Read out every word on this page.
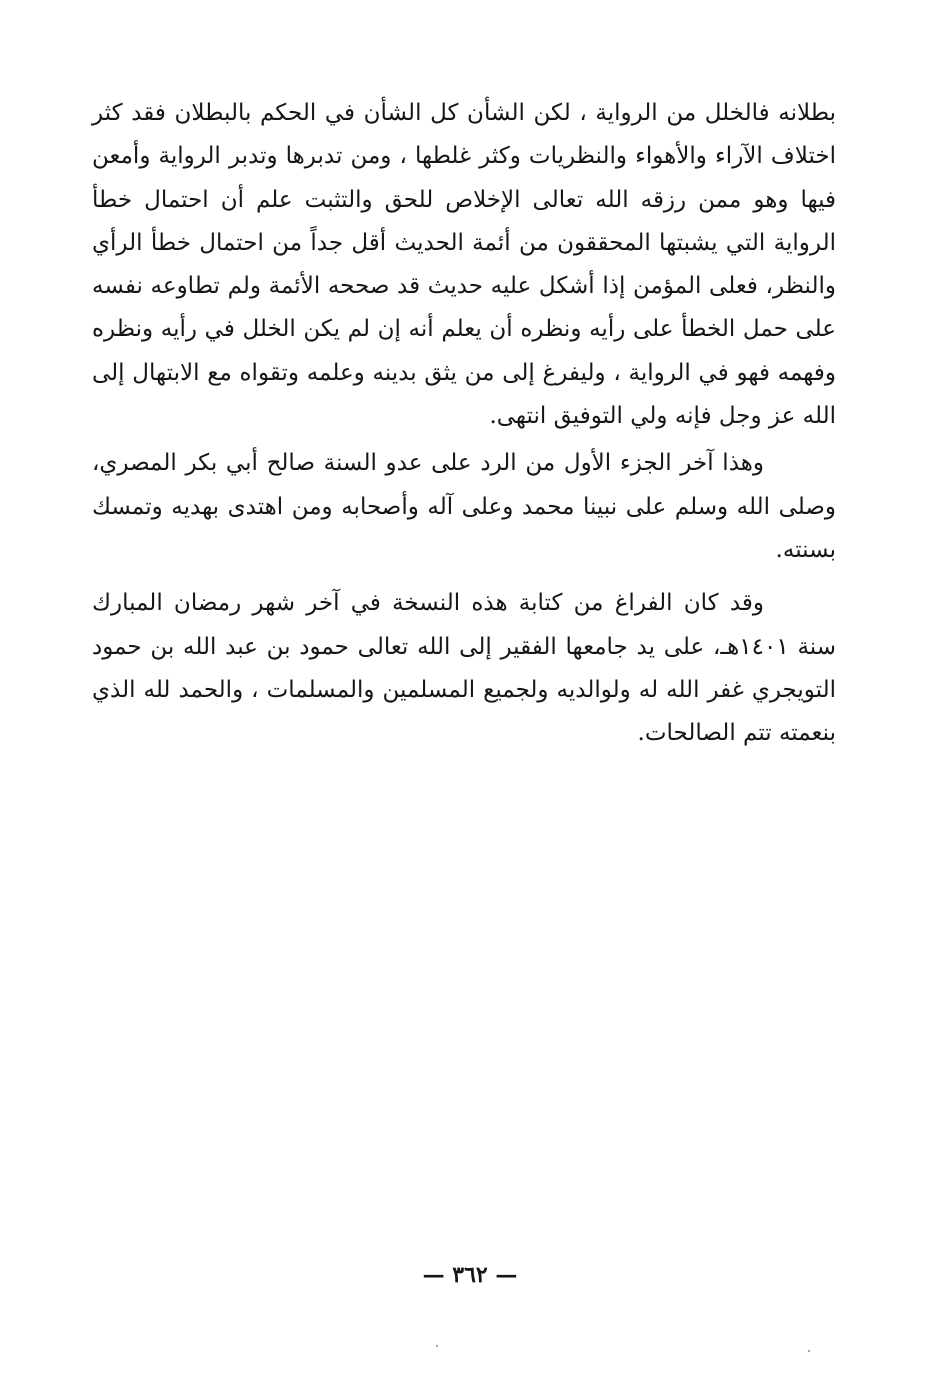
بطلانه فالخلل من الرواية ، لكن الشأن كل الشأن في الحكم بالبطلان فقد كثر اختلاف الآراء والأهواء والنظريات وكثر غلطها ، ومن تدبرها وتدبر الرواية وأمعن فيها وهو ممن رزقه الله تعالى الإخلاص للحق والتثبت علم أن احتمال خطأ الرواية التي يشبتها المحققون من أئمة الحديث أقل جداً من احتمال خطأ الرأي والنظر، فعلى المؤمن إذا أشكل عليه حديث قد صححه الأئمة ولم تطاوعه نفسه على حمل الخطأ على رأيه ونظره أن يعلم أنه إن لم يكن الخلل في رأيه ونظره وفهمه فهو في الرواية ، وليفرغ إلى من يثق بدينه وعلمه وتقواه مع الابتهال إلى الله عز وجل فإنه ولي التوفيق انتهى.

وهذا آخر الجزء الأول من الرد على عدو السنة صالح أبي بكر المصري، وصلى الله وسلم على نبينا محمد وعلى آله وأصحابه ومن اهتدى بهديه وتمسك بسنته.

وقد كان الفراغ من كتابة هذه النسخة في آخر شهر رمضان المبارك سنة ١٤٠١هـ، على يد جامعها الفقير إلى الله تعالى حمود بن عبد الله بن حمود التويجري غفر الله له ولوالديه ولجميع المسلمين والمسلمات ، والحمد لله الذي بنعمته تتم الصالحات.

— ٣٦٢ —
